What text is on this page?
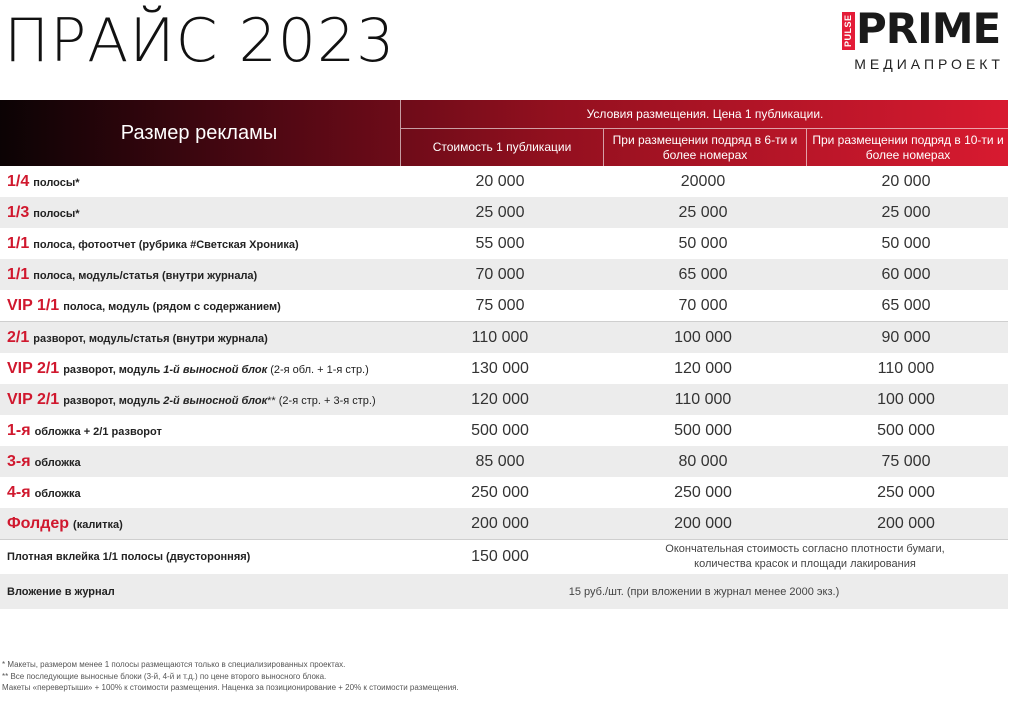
ПРАЙС 2023	PULSE PRIME
МЕДИАПРОЕКТ
Размер рекламы
Условия размещения. Цена 1 публикации.
Стоимость 1 публикации
При размещении подряд в 6-ти и более номерах
При размещении подряд в 10-ти и более номерах
1/4 полосы*	20 000	20000	20 000
1/3 полосы*	25 000	25 000	25 000
1/1 полоса, фотоотчет (рубрика #Светская Хроника)	55 000	50 000	50 000
1/1 полоса, модуль/статья (внутри журнала)	70 000	65 000	60 000
VIP 1/1 полоса, модуль (рядом с содержанием)	75 000	70 000	65 000
2/1 разворот, модуль/статья (внутри журнала)	110 000	100 000	90 000
VIP 2/1 разворот, модуль 1-й выносной блок (2-я обл. + 1-я стр.)	130 000	120 000	110 000
VIP 2/1 разворот, модуль 2-й выносной блок** (2-я стр. + 3-я стр.)	120 000	110 000	100 000
1-я обложка + 2/1 разворот	500 000	500 000	500 000
3-я обложка	85 000	80 000	75 000
4-я обложка	250 000	250 000	250 000
Фолдер (калитка)	200 000	200 000	200 000
Плотная вклейка 1/1 полосы (двусторонняя)	150 000	Окончательная стоимость согласно плотности бумаги,
количества красок и площади лакирования
Вложение в журнал	15 руб./шт. (при вложении в журнал менее 2000 экз.)
* Макеты, размером менее 1 полосы размещаются только в специализированных проектах.
** Все последующие выносные блоки (3-й, 4-й и т.д.) по цене второго выносного блока.
Макеты «перевертыши» + 100% к стоимости размещения. Наценка за позиционирование + 20% к стоимости размещения.
